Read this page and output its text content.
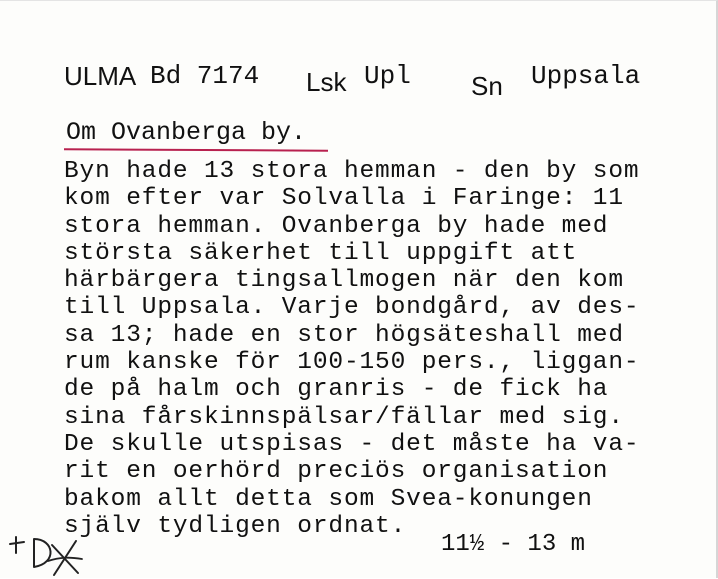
ULMA Bd 7174 Lsk Upl Sn Uppsala
Om Ovanberga by.
Byn hade 13 stora hemman - den by som
kom efter var Solvalla i Faringe: 11
stora hemman. Ovanberga by hade med
största säkerhet till uppgift att
härbärgera tingsallmogen när den kom
till Uppsala. Varje bondgård, av des-
sa 13; hade en stor högsäteshall med
rum kanske för 100-150 pers., liggan-
de på halm och granris - de fick ha
sina fårskinnspälsar/fällar med sig.
De skulle utspisas - det måste ha va-
rit en oerhörd preciös organisation
bakom allt detta som Svea-konungen
själv tydligen ordnat.
11½ - 13 m
